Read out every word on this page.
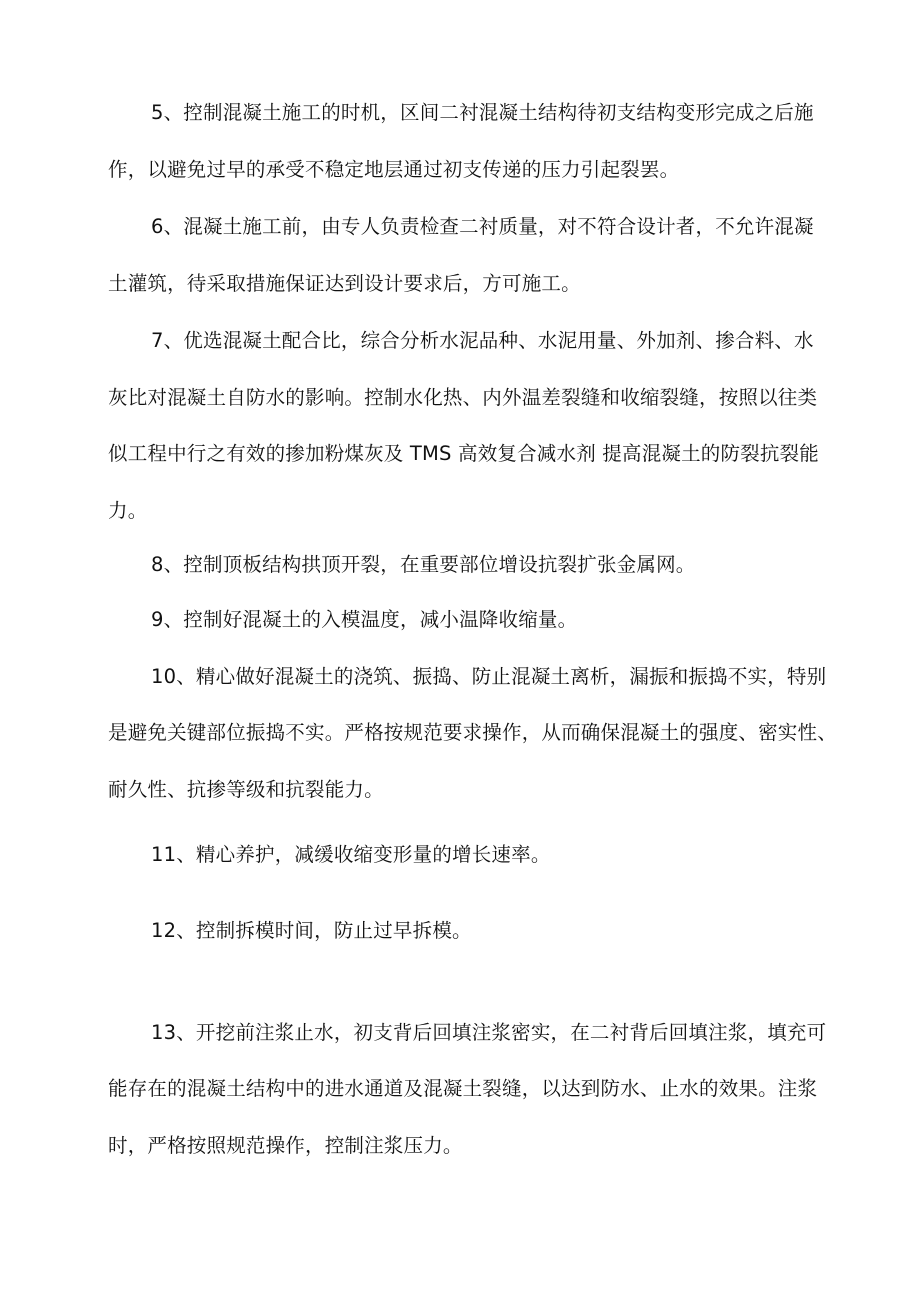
5、控制混凝土施工的时机，区间二衬混凝土结构待初支结构变形完成之后施
作，以避免过早的承受不稳定地层通过初支传递的压力引起裂罢。
6、混凝土施工前，由专人负责检查二衬质量，对不符合设计者，不允许混凝
土灌筑，待采取措施保证达到设计要求后，方可施工。
7、优选混凝土配合比，综合分析水泥品种、水泥用量、外加剂、掺合料、水
灰比对混凝土自防水的影响。控制水化热、内外温差裂缝和收缩裂缝，按照以往类
似工程中行之有效的掺加粉煤灰及 TMS 高效复合减水剂 提高混凝土的防裂抗裂能
力。
8、控制顶板结构拱顶开裂，在重要部位增设抗裂扩张金属网。
9、控制好混凝土的入模温度，减小温降收缩量。
10、精心做好混凝土的浇筑、振捣、防止混凝土离析，漏振和振捣不实，特别
是避免关键部位振捣不实。严格按规范要求操作，从而确保混凝土的强度、密实性、
耐久性、抗掺等级和抗裂能力。
11、精心养护，减缓收缩变形量的增长速率。
12、控制拆模时间，防止过早拆模。
13、开挖前注浆止水，初支背后回填注浆密实，在二衬背后回填注浆，填充可
能存在的混凝土结构中的进水通道及混凝土裂缝，以达到防水、止水的效果。注浆
时，严格按照规范操作，控制注浆压力。
